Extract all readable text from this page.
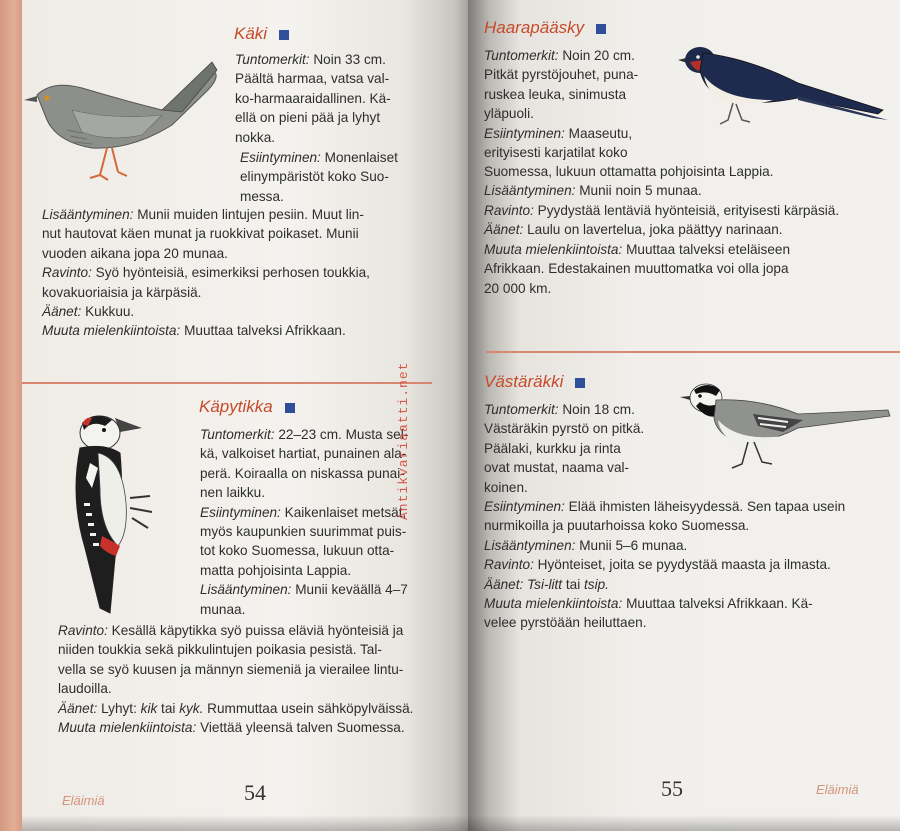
Käki

Tuntomerkit: Noin 33 cm.

Päältä harmaa, vatsa val-

ko-harmaaraidallinen. Kä-

ellä on pieni pää ja lyhyt

nokka.

Esiintyminen: Monenlaiset

elinympäristöt koko Suo-

messa.

Lisääntyminen: Munii muiden lintujen pesiin. Muut lin-

nut hautovat käen munat ja ruokkivat poikaset. Munii

vuoden aikana jopa 20 munaa.

Ravinto: Syö hyönteisiä, esimerkiksi perhosen toukkia,

kovakuoriaisia ja kärpäsiä.

Äänet: Kukkuu.

Muuta mielenkiintoista: Muuttaa talveksi Afrikkaan.

Käpytikka

Tuntomerkit: 22–23 cm. Musta sel-

kä, valkoiset hartiat, punainen ala-

perä. Koiraalla on niskassa punai-

nen laikku.

Esiintyminen: Kaikenlaiset metsät,

myös kaupunkien suurimmat puis-

tot koko Suomessa, lukuun otta-

matta pohjoisinta Lappia.

Lisääntyminen: Munii keväällä 4–7

munaa.

Ravinto: Kesällä käpytikka syö puissa eläviä hyönteisiä ja

niiden toukkia sekä pikkulintujen poikasia pesistä. Tal-

vella se syö kuusen ja männyn siemeniä ja vierailee lintu-

laudoilla.

Äänet: Lyhyt: kik tai kyk. Rummuttaa usein sähköpylväissä.

Muuta mielenkiintoista: Viettää yleensä talven Suomessa.

54
Eläimiä
Haarapääsky

Tuntomerkit: Noin 20 cm.

Pitkät pyrstöjouhet, puna-

ruskea leuka, sinimusta

yläpuoli.

Esiintyminen: Maaseutu,

erityisesti karjatilat koko

Suomessa, lukuun ottamatta pohjoisinta Lappia.

Lisääntyminen: Munii noin 5 munaa.

Ravinto: Pyydystää lentäviä hyönteisiä, erityisesti kärpäsiä.

Äänet: Laulu on lavertelua, joka päättyy narinaan.

Muuta mielenkiintoista: Muuttaa talveksi eteläiseen

Afrikkaan. Edestakainen muuttomatka voi olla jopa

20 000 km.

Västäräkki

Tuntomerkit: Noin 18 cm.

Västäräkin pyrstö on pitkä.

Päälaki, kurkku ja rinta

ovat mustat, naama val-

koinen.

Esiintyminen: Elää ihmisten läheisyydessä. Sen tapaa usein

nurmikoilla ja puutarhoissa koko Suomessa.

Lisääntyminen: Munii 5–6 munaa.

Ravinto: Hyönteiset, joita se pyydystää maasta ja ilmasta.

Äänet: Tsi-litt tai tsip.

Muuta mielenkiintoista: Muuttaa talveksi Afrikkaan. Kä-

velee pyrstöään heiluttaen.

55	Eläimiä
Antikvariaatti.net
